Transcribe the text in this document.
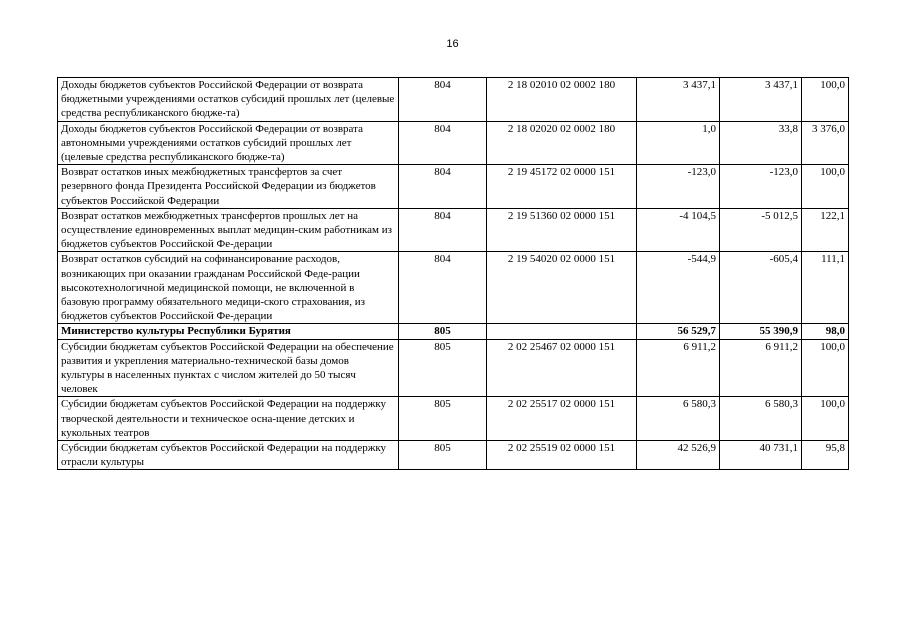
16
Доходы бюджетов субъектов Российской Федерации от возврата бюджетными учреждениями остатков субсидий прошлых лет (целевые средства республиканского бюдже-та)	804	2 18 02010 02 0002 180	3 437,1	3 437,1	100,0
Доходы бюджетов субъектов Российской Федерации от возврата автономными учреждениями остатков субсидий прошлых лет (целевые средства республиканского бюдже-та)	804	2 18 02020 02 0002 180	1,0	33,8	3 376,0
Возврат остатков иных межбюджетных трансфертов за счет резервного фонда Президента Российской Федерации из бюджетов субъектов Российской Федерации	804	2 19 45172 02 0000 151	-123,0	-123,0	100,0
Возврат остатков межбюджетных трансфертов прошлых лет на осуществление единовременных выплат медицин-ским работникам из бюджетов субъектов Российской Фе-дерации	804	2 19 51360 02 0000 151	-4 104,5	-5 012,5	122,1
Возврат остатков субсидий на софинансирование расходов, возникающих при оказании гражданам Российской Феде-рации высокотехнологичной медицинской помощи, не включенной в базовую программу обязательного медици-ского страхования, из бюджетов субъектов Российской Фе-дерации	804	2 19 54020 02 0000 151	-544,9	-605,4	111,1
Министерство культуры Республики Бурятия	805		56 529,7	55 390,9	98,0
Субсидии бюджетам субъектов Российской Федерации на обеспечение развития и укрепления материально-технической базы домов культуры в населенных пунктах с числом жителей до 50 тысяч человек	805	2 02 25467 02 0000 151	6 911,2	6 911,2	100,0
Субсидии бюджетам субъектов Российской Федерации на поддержку творческой деятельности и техническое осна-щение детских и кукольных театров	805	2 02 25517 02 0000 151	6 580,3	6 580,3	100,0
Субсидии бюджетам субъектов Российской Федерации на поддержку отрасли культуры	805	2 02 25519 02 0000 151	42 526,9	40 731,1	95,8
